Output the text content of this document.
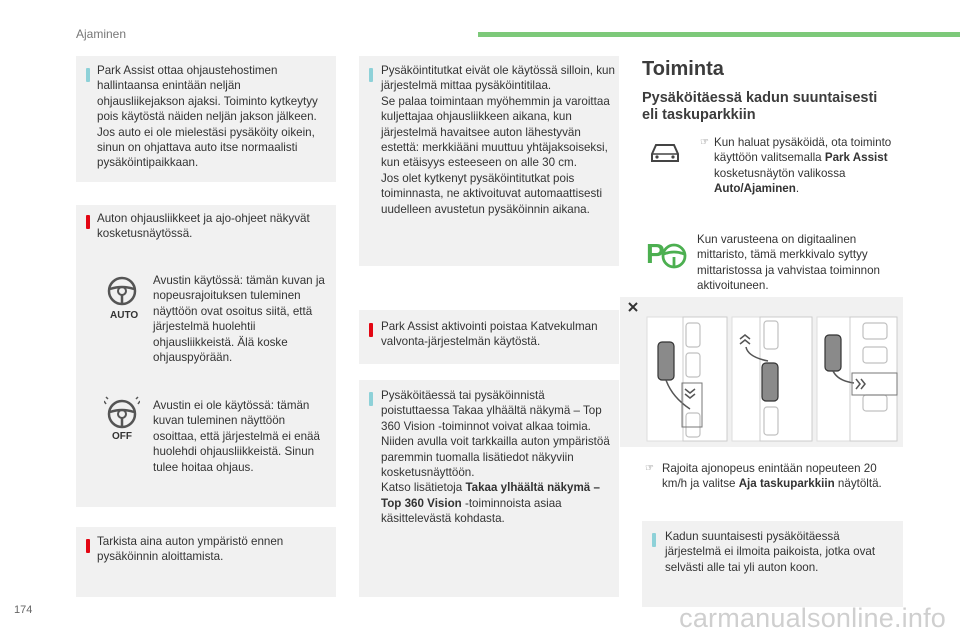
Ajaminen
Park Assist ottaa ohjaustehostimen hallintaansa enintään neljän ohjausliikejakson ajaksi. Toiminto kytkeytyy pois käytöstä näiden neljän jakson jälkeen. Jos auto ei ole mielestäsi pysäköity oikein, sinun on ohjattava auto itse normaalisti pysäköintipaikkaan.
Auton ohjausliikkeet ja ajo-ohjeet näkyvät kosketusnäytössä.
AUTO
Avustin käytössä: tämän kuvan ja nopeusrajoituksen tuleminen näyttöön ovat osoitus siitä, että järjestelmä huolehtii ohjausliikkeistä. Älä koske ohjauspyörään.
OFF
Avustin ei ole käytössä: tämän kuvan tuleminen näyttöön osoittaa, että järjestelmä ei enää huolehdi ohjausliikkeistä. Sinun tulee hoitaa ohjaus.
Tarkista aina auton ympäristö ennen pysäköinnin aloittamista.
Pysäköintitutkat eivät ole käytössä silloin, kun järjestelmä mittaa pysäköintitilaa.
Se palaa toimintaan myöhemmin ja varoittaa kuljettajaa ohjausliikkeen aikana, kun järjestelmä havaitsee auton lähestyvän estettä: merkkiääni muuttuu yhtäjaksoiseksi, kun etäisyys esteeseen on alle 30 cm.
Jos olet kytkenyt pysäköintitutkat pois toiminnasta, ne aktivoituvat automaattisesti uudelleen avustetun pysäköinnin aikana.
Park Assist aktivointi poistaa Katvekulman valvonta-järjestelmän käytöstä.
Pysäköitäessä tai pysäköinnistä poistuttaessa Takaa ylhäältä näkymä – Top 360 Vision -toiminnot voivat alkaa toimia. Niiden avulla voit tarkkailla auton ympäristöä paremmin tuomalla lisätiedot näkyviin kosketusnäyttöön.
Katso lisätietoja Takaa ylhäältä näkymä – Top 360 Vision -toiminnoista asiaa käsittelevästä kohdasta.
Toiminta
Pysäköitäessä kadun suuntaisesti eli taskuparkkiin
☞ Kun haluat pysäköidä, ota toiminto käyttöön valitsemalla Park Assist kosketusnäytön valikossa Auto/Ajaminen.
P	Kun varusteena on digitaalinen mittaristo, tämä merkkivalo syttyy mittaristossa ja vahvistaa toiminnon aktivoituneen.
☞ Rajoita ajonopeus enintään nopeuteen 20 km/h ja valitse Aja taskuparkkiin näytöltä.
Kadun suuntaisesti pysäköitäessä järjestelmä ei ilmoita paikoista, jotka ovat selvästi alle tai yli auton koon.
174	carmanualsonline.info
